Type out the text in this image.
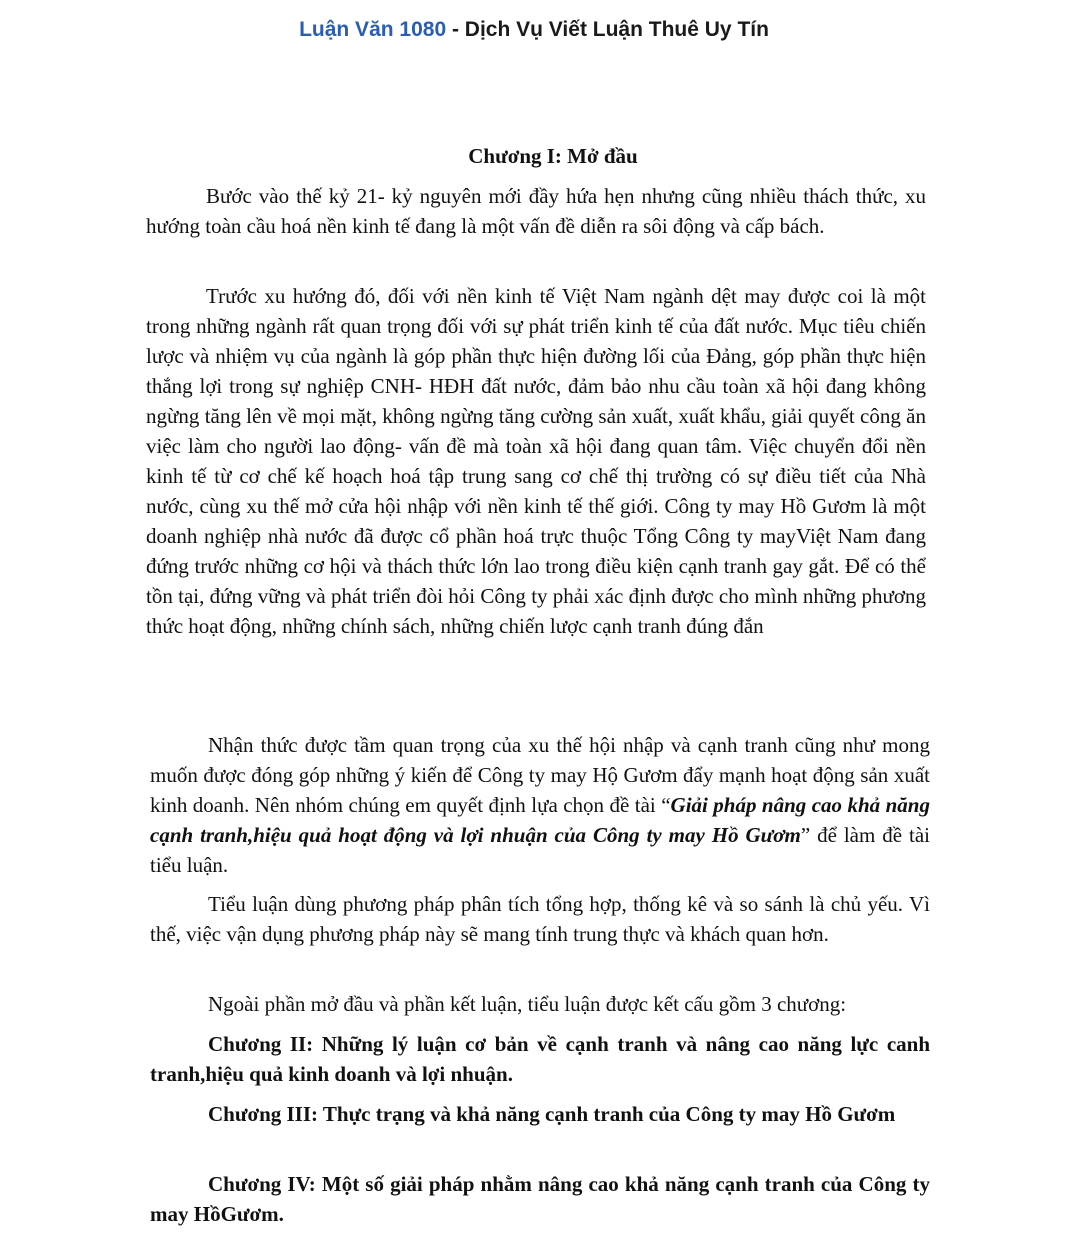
Luận Văn 1080 - Dịch Vụ Viết Luận Thuê Uy Tín
Chương I: Mở đầu

Bước vào thế kỷ 21- kỷ nguyên mới đầy hứa hẹn nhưng cũng nhiều thách thức, xu hướng toàn cầu hoá nền kinh tế đang là một vấn đề diễn ra sôi động và cấp bách.

Trước xu hướng đó, đối với nền kinh tế Việt Nam ngành dệt may được coi là một trong những ngành rất quan trọng đối với sự phát triển kinh tế của đất nước. Mục tiêu chiến lược và nhiệm vụ của ngành là góp phần thực hiện đường lối của Đảng, góp phần thực hiện thắng lợi trong sự nghiệp CNH- HĐH đất nước, đảm bảo nhu cầu toàn xã hội đang không ngừng tăng lên về mọi mặt, không ngừng tăng cường sản xuất, xuất khẩu, giải quyết công ăn việc làm cho người lao động- vấn đề mà toàn xã hội đang quan tâm. Việc chuyển đổi nền kinh tế từ cơ chế kế hoạch hoá tập trung sang cơ chế thị trường có sự điều tiết của Nhà nước, cùng xu thế mở cửa hội nhập với nền kinh tế thế giới. Công ty may Hồ Gươm là một doanh nghiệp nhà nước đã được cổ phần hoá trực thuộc Tổng Công ty mayViệt Nam đang đứng trước những cơ hội và thách thức lớn lao trong điều kiện cạnh tranh gay gắt. Để có thể tồn tại, đứng vững và phát triển đòi hỏi Công ty phải xác định được cho mình những phương thức hoạt động, những chính sách, những chiến lược cạnh tranh đúng đắn

Nhận thức được tầm quan trọng của xu thế hội nhập và cạnh tranh cũng như mong muốn được đóng góp những ý kiến để Công ty may Hộ Gươm đẩy mạnh hoạt động sản xuất kinh doanh. Nên nhóm chúng em quyết định lựa chọn đề tài “Giải pháp nâng cao khả năng cạnh tranh,hiệu quả hoạt động và lợi nhuận của Công ty may Hồ Gươm” để làm đề tài tiểu luận.

Tiểu luận dùng phương pháp phân tích tổng hợp, thống kê và so sánh là chủ yếu. Vì thế, việc vận dụng phương pháp này sẽ mang tính trung thực và khách quan hơn.

Ngoài phần mở đầu và phần kết luận, tiểu luận được kết cấu gồm 3 chương:

Chương II: Những lý luận cơ bản về cạnh tranh và nâng cao năng lực canh tranh,hiệu quả kinh doanh và lợi nhuận.

Chương III: Thực trạng và khả năng cạnh tranh của Công ty may Hồ Gươm

Chương IV: Một số giải pháp nhằm nâng cao khả năng cạnh tranh của Công ty may HồGươm.
